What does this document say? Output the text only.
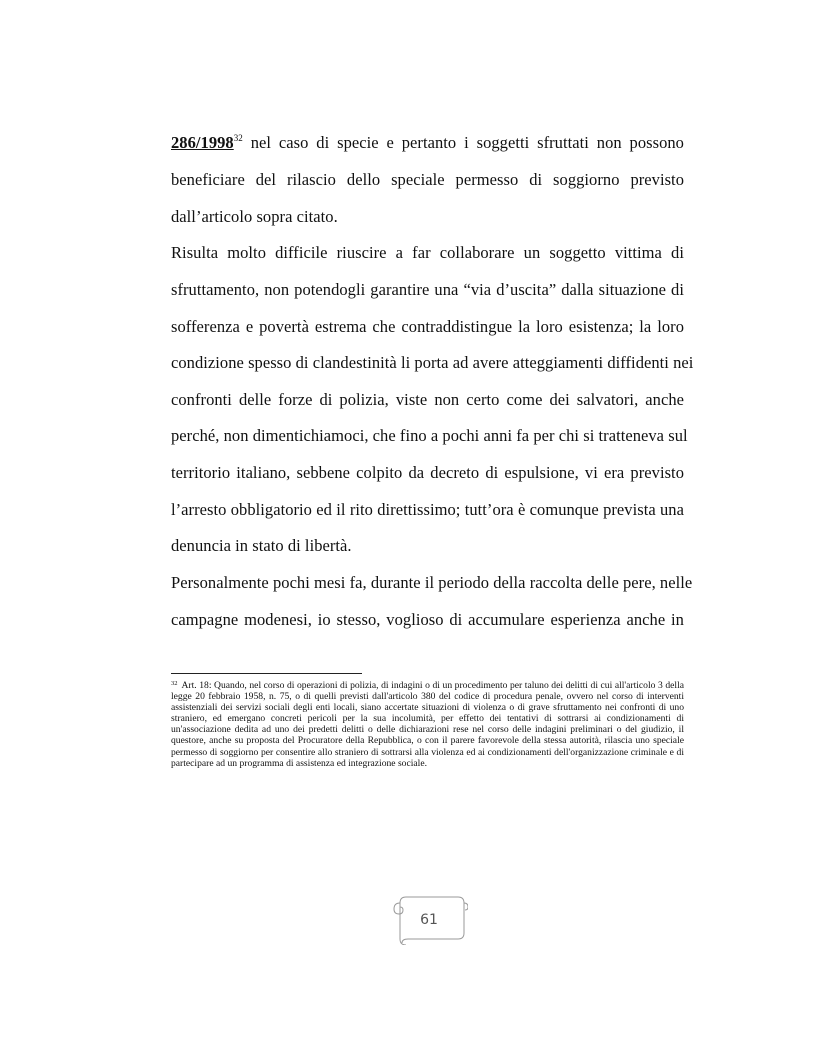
286/1998$^{32}$ nel caso di specie e pertanto i soggetti sfruttati non possono
beneficiare del rilascio dello speciale permesso di soggiorno previsto
dall’articolo sopra citato.
Risulta molto difficile riuscire a far collaborare un soggetto vittima di
sfruttamento, non potendogli garantire una “via d’uscita” dalla situazione di
sofferenza e povertà estrema che contraddistingue la loro esistenza; la loro
condizione spesso di clandestinità li porta ad avere atteggiamenti diffidenti nei
confronti delle forze di polizia, viste non certo come dei salvatori, anche
perché, non dimentichiamoci, che fino a pochi anni fa per chi si tratteneva sul
territorio italiano, sebbene colpito da decreto di espulsione, vi era previsto
l’arresto obbligatorio ed il rito direttissimo; tutt’ora è comunque prevista una
denuncia in stato di libertà.
Personalmente pochi mesi fa, durante il periodo della raccolta delle pere, nelle
campagne modenesi, io stesso, voglioso di accumulare esperienza anche in
$^{32}$ Art. 18: Quando, nel corso di operazioni di polizia, di indagini o di un procedimento per taluno dei delitti di cui all'articolo 3 della legge 20 febbraio 1958, n. 75, o di quelli previsti dall'articolo 380 del codice di procedura penale, ovvero nel corso di interventi assistenziali dei servizi sociali degli enti locali, siano accertate situazioni di violenza o di grave sfruttamento nei confronti di uno straniero, ed emergano concreti pericoli per la sua incolumità, per effetto dei tentativi di sottrarsi ai condizionamenti di un'associazione dedita ad uno dei predetti delitti o delle dichiarazioni rese nel corso delle indagini preliminari o del giudizio, il questore, anche su proposta del Procuratore della Repubblica, o con il parere favorevole della stessa autorità, rilascia uno speciale permesso di soggiorno per consentire allo straniero di sottrarsi alla violenza ed ai condizionamenti dell'organizzazione criminale e di partecipare ad un programma di assistenza ed integrazione sociale.
61
